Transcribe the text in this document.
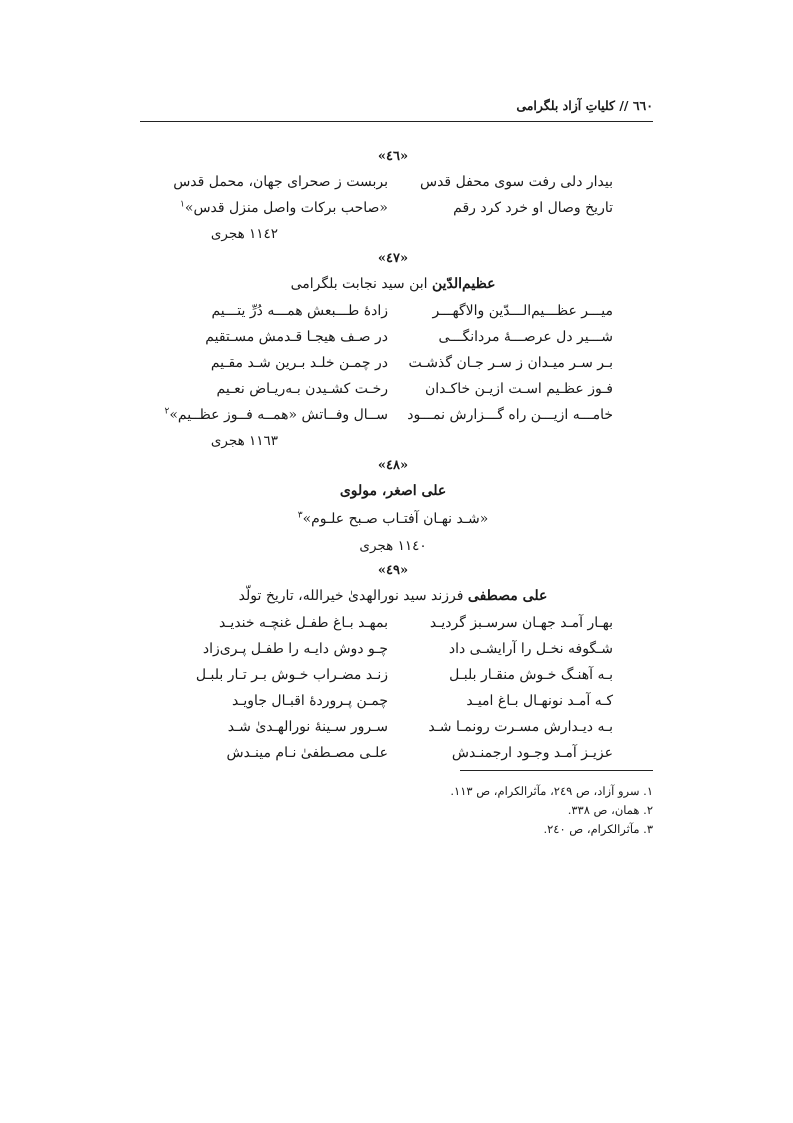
٦٦٠ // کلیاتِ آزاد بلگرامی
«٤٦»
بیدار دلی رفت سوی محفل قدس
بربست ز صحرای جهان، محمل قدس
تاریخ وصال او خرد کرد رقم
«صاحب برکات واصل منزل قدس»$^١$
١١٤٢ هجری
«٤٧»
عظیم‌الدّین ابن سید نجابت بلگرامی
میـــر عظـــیم‌الـــدّین والاگهـــر
زادهٔ طـــبعش همـــه دُرِّ یتـــیم
شـــیر دل عرصـــهٔ مردانگـــی
در صـف هیجـا قـدمش مسـتقیم
بـر سـر میـدان ز سـر جـان گذشـت
در چمـن خلـد بـرین شـد مقـیم
فـوز عظـیم اسـت ازیـن خاکـدان
رخـت کشـیدن بـه‌ریـاض نعـیم
خامـــه ازیـــن راه گـــزارش نمـــود
ســال وفــاتش «همــه فــوز عظــیم»$^٢$
١١٦٣ هجری
«٤٨»
علی اصغر، مولوی
«شـد نهـان آفتـاب صـبح علـوم»$^٣$
١١٤٠ هجری
«٤٩»
علی مصطفی فرزند سید نورالهدیٰ خیرالله، تاریخ تولّد
بهـار آمـد جهـان سرسـبز گردیـد
بمهـد بـاغ طفـل غنچـه خندیـد
شـگوفه نخـل را آرایشـی داد
چـو دوش دایـه را طفـل پـری‌زاد
بـه آهنـگ خـوش منقـار بلبـل
زنـد مضـراب خـوش بـر تـار بلبـل
کـه آمـد نونهـال بـاغ امیـد
چمـن پـروردهٔ اقبـال جاویـد
بـه دیـدارش مسـرت رونمـا شـد
سـرور سـینهٔ نورالهـدیٰ شـد
عزیـز آمـد وجـود ارجمنـدش
علـی مصـطفیٰ نـام مینـدش
١. سرو آزاد، ص ٢٤٩، مآثرالکرام، ص ١١٣.
٢. همان، ص ٣٣٨.
٣. مآثرالکرام، ص ٢٤٠.
